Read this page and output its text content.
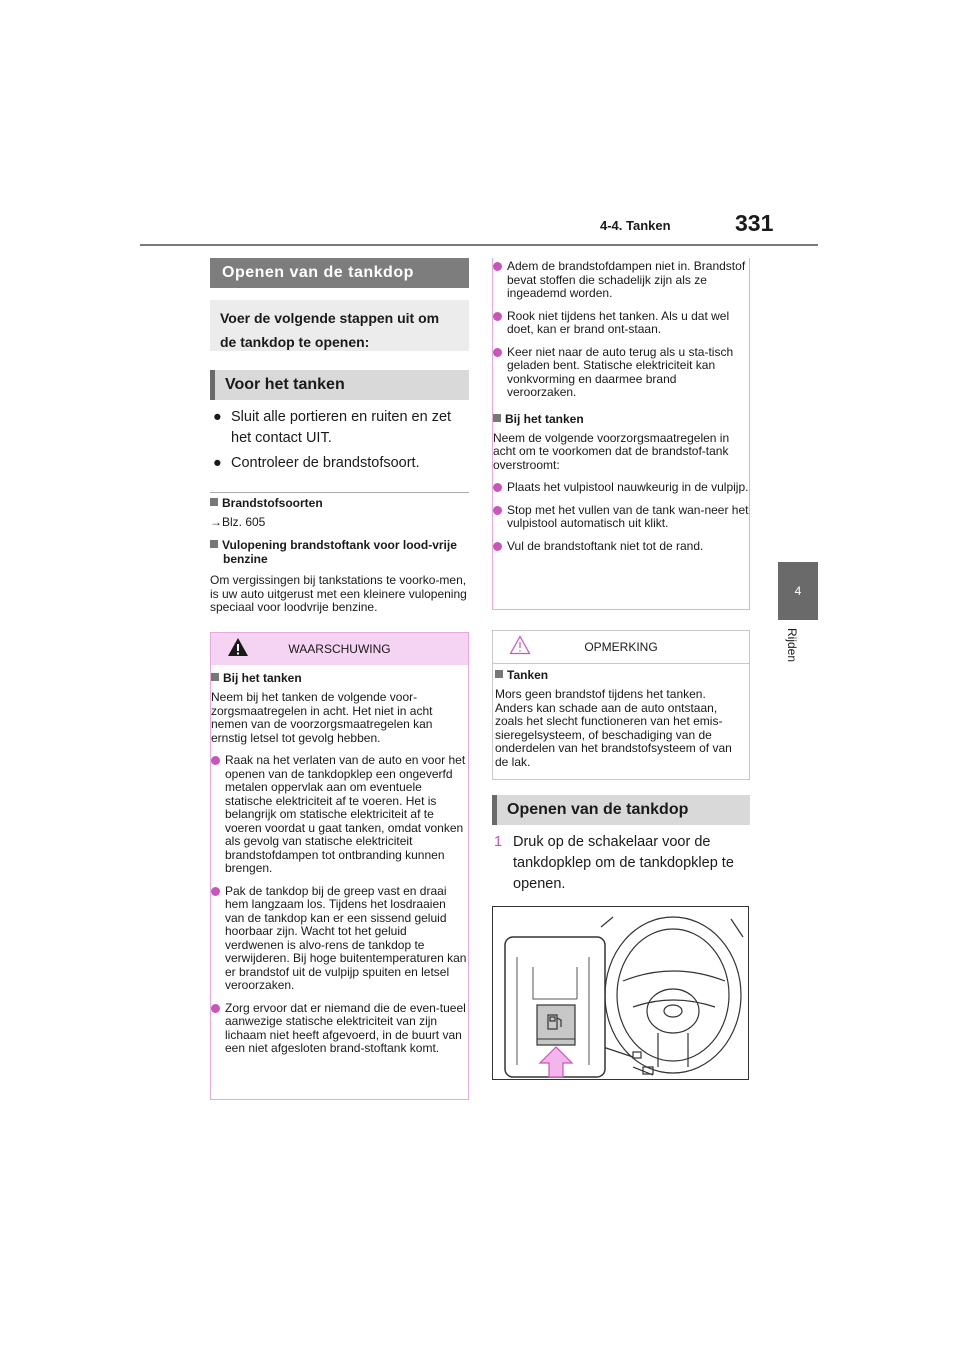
4-4. Tanken	331
4
Rijden
Openen van de tankdop
Voer de volgende stappen uit om de tankdop te openen:
Voor het tanken
● Sluit alle portieren en ruiten en zet het contact UIT.
● Controleer de brandstofsoort.
Brandstofsoorten
→Blz. 605
Vulopening brandstoftank voor lood-vrije benzine
Om vergissingen bij tankstations te voorko-men, is uw auto uitgerust met een kleinere vulopening speciaal voor loodvrije benzine.
WAARSCHUWING
Bij het tanken
Neem bij het tanken de volgende voor-zorgsmaatregelen in acht. Het niet in acht nemen van de voorzorgsmaatregelen kan ernstig letsel tot gevolg hebben.
Raak na het verlaten van de auto en voor het openen van de tankdopklep een ongeverfd metalen oppervlak aan om eventuele statische elektriciteit af te voeren. Het is belangrijk om statische elektriciteit af te voeren voordat u gaat tanken, omdat vonken als gevolg van statische elektriciteit brandstofdampen tot ontbranding kunnen brengen.
Pak de tankdop bij de greep vast en draai hem langzaam los. Tijdens het losdraaien van de tankdop kan er een sissend geluid hoorbaar zijn. Wacht tot het geluid verdwenen is alvo-rens de tankdop te verwijderen. Bij hoge buitentemperaturen kan er brandstof uit de vulpijp spuiten en letsel veroorzaken.
Zorg ervoor dat er niemand die de even-tueel aanwezige statische elektriciteit van zijn lichaam niet heeft afgevoerd, in de buurt van een niet afgesloten brand-stoftank komt.
Adem de brandstofdampen niet in. Brandstof bevat stoffen die schadelijk zijn als ze ingeademd worden.
Rook niet tijdens het tanken. Als u dat wel doet, kan er brand ont-staan.
Keer niet naar de auto terug als u sta-tisch geladen bent. Statische elektriciteit kan vonkvorming en daarmee brand veroorzaken.
Bij het tanken
Neem de volgende voorzorgsmaatregelen in acht om te voorkomen dat de brandstof-tank overstroomt:
Plaats het vulpistool nauwkeurig in de vulpijp.
Stop met het vullen van de tank wan-neer het vulpistool automatisch uit klikt.
Vul de brandstoftank niet tot de rand.
OPMERKING
Tanken
Mors geen brandstof tijdens het tanken. Anders kan schade aan de auto ontstaan, zoals het slecht functioneren van het emis-sieregelsysteem, of beschadiging van de onderdelen van het brandstofsysteem of van de lak.
Openen van de tankdop
1 Druk op de schakelaar voor de tankdopklep om de tankdopklep te openen.
